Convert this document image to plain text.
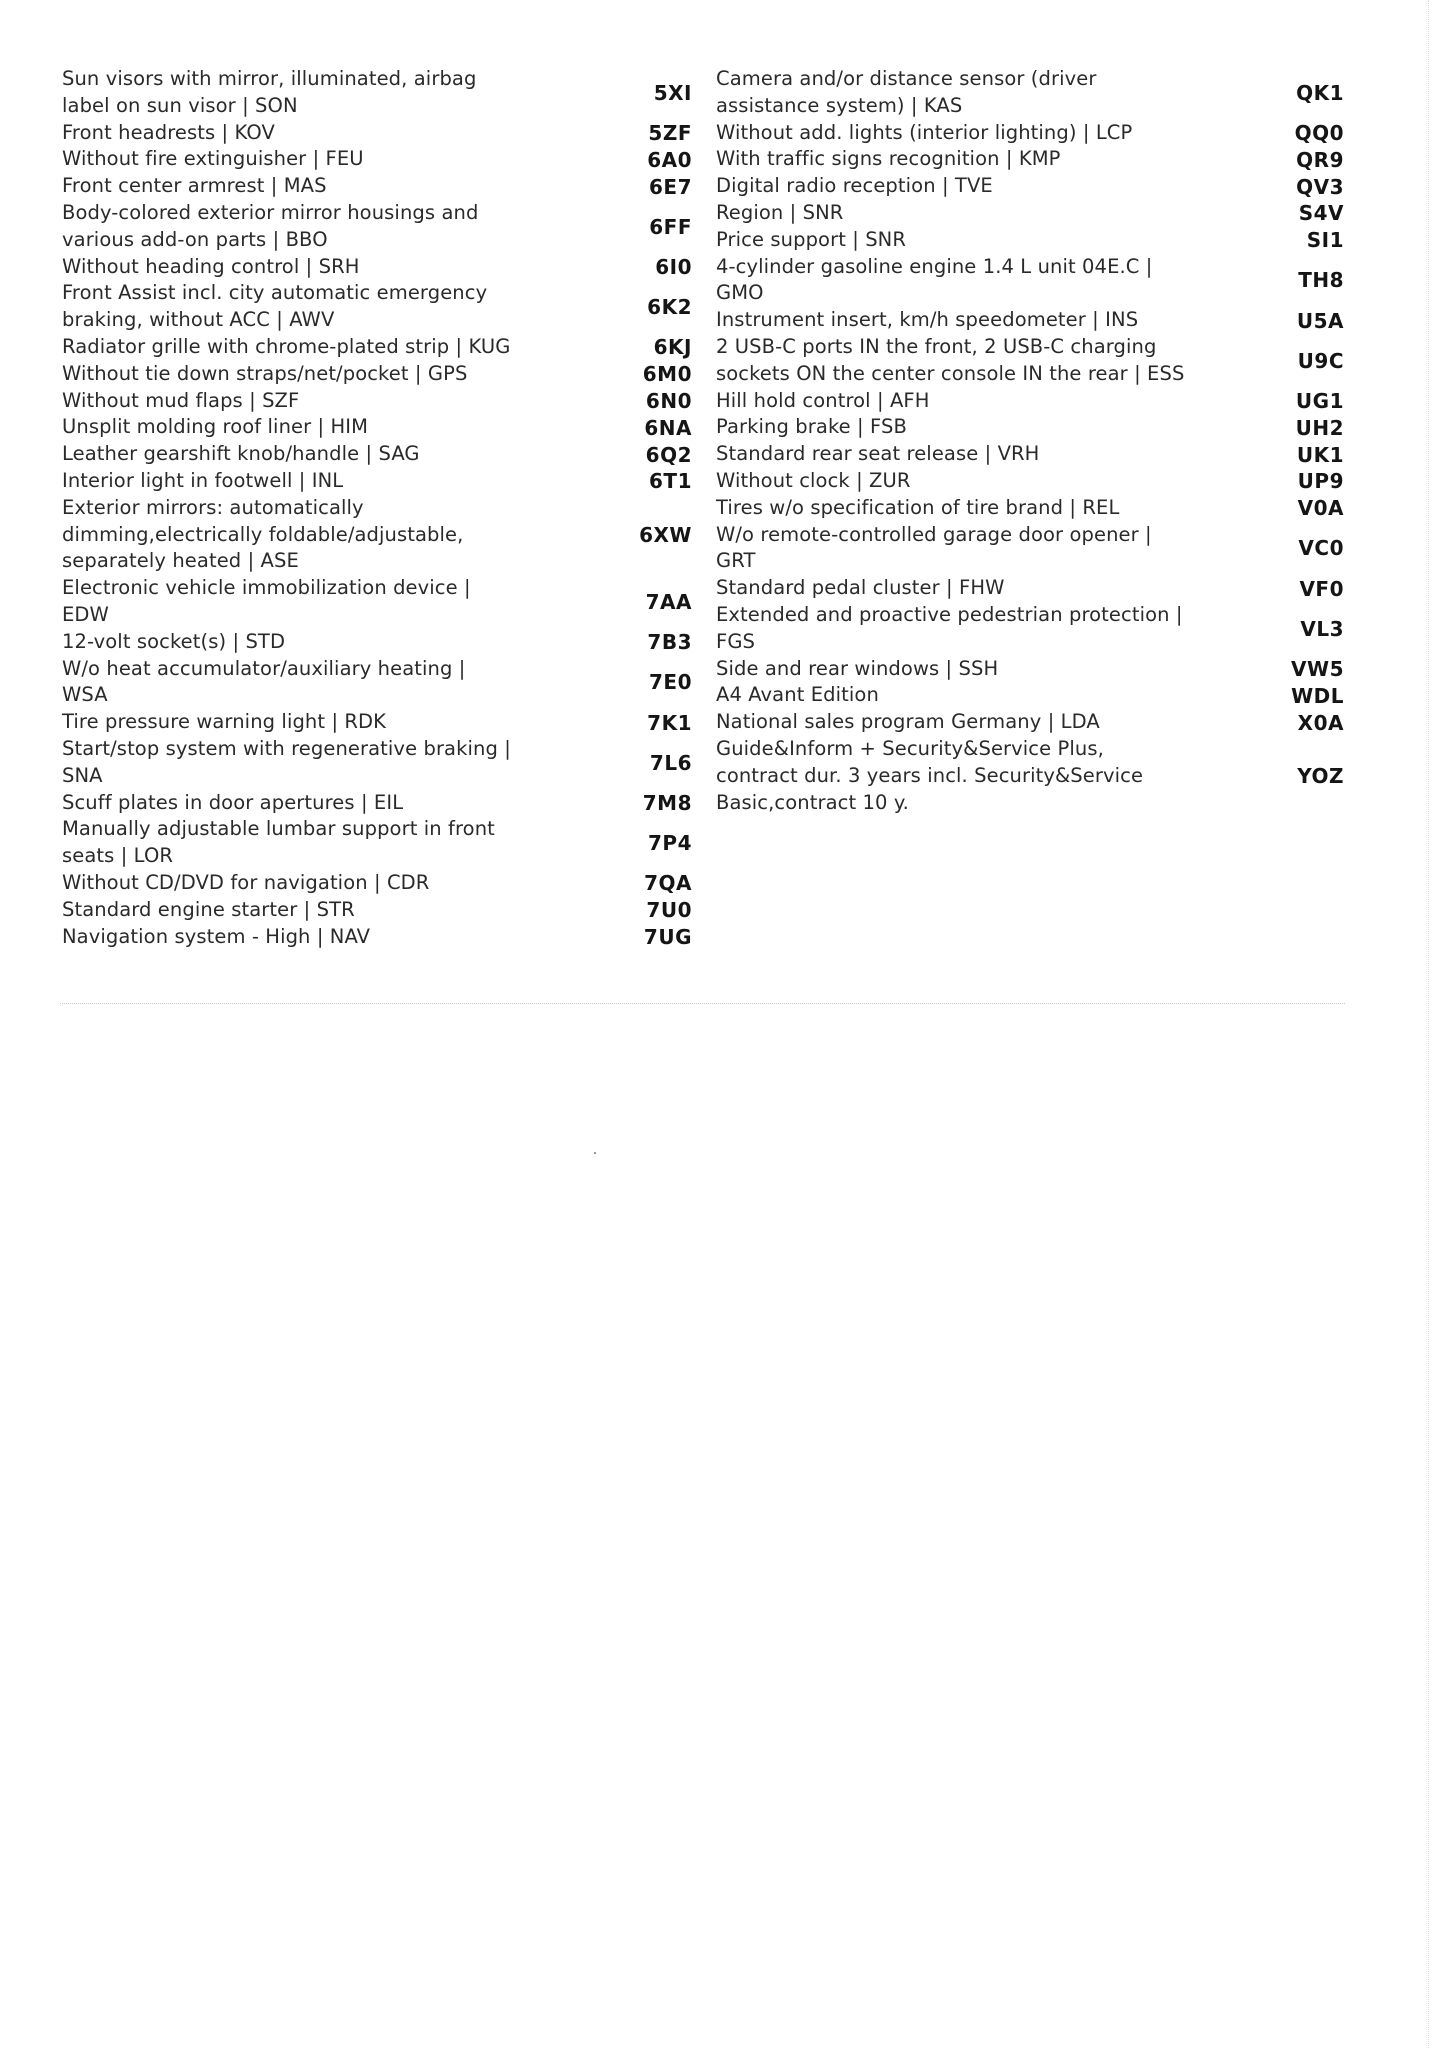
Sun visors with mirror, illuminated, airbag label on sun visor | SON
5XI
Front headrests | KOV	5ZF
Without fire extinguisher | FEU	6A0
Front center armrest | MAS	6E7
Body-colored exterior mirror housings and various add-on parts | BBO
6FF
Without heading control | SRH	6I0
Front Assist incl. city automatic emergency braking, without ACC | AWV
6K2
Radiator grille with chrome-plated strip | KUG	6KJ
Without tie down straps/net/pocket | GPS	6M0
Without mud flaps | SZF	6N0
Unsplit molding roof liner | HIM	6NA
Leather gearshift knob/handle | SAG	6Q2
Interior light in footwell | INL	6T1
Exterior mirrors: automatically dimming,electrically foldable/adjustable, separately heated | ASE
6XW
Electronic vehicle immobilization device | EDW
7AA
12-volt socket(s) | STD	7B3
W/o heat accumulator/auxiliary heating | WSA
7E0
Tire pressure warning light | RDK	7K1
Start/stop system with regenerative braking | SNA
7L6
Scuff plates in door apertures | EIL	7M8
Manually adjustable lumbar support in front seats | LOR
7P4
Without CD/DVD for navigation | CDR	7QA
Standard engine starter | STR	7U0
Navigation system - High | NAV	7UG
Camera and/or distance sensor (driver assistance system) | KAS
QK1
Without add. lights (interior lighting) | LCP	QQ0
With traffic signs recognition | KMP	QR9
Digital radio reception | TVE	QV3
Region | SNR	S4V
Price support | SNR	SI1
4-cylinder gasoline engine 1.4 L unit 04E.C | GMO
TH8
Instrument insert, km/h speedometer | INS	U5A
2 USB-C ports IN the front, 2 USB-C charging sockets ON the center console IN the rear | ESS
U9C
Hill hold control | AFH	UG1
Parking brake | FSB	UH2
Standard rear seat release | VRH	UK1
Without clock | ZUR	UP9
Tires w/o specification of tire brand | REL	V0A
W/o remote-controlled garage door opener | GRT
VC0
Standard pedal cluster | FHW	VF0
Extended and proactive pedestrian protection | FGS
VL3
Side and rear windows | SSH	VW5
A4 Avant Edition	WDL
National sales program Germany | LDA	X0A
Guide&Inform + Security&Service Plus, contract dur. 3 years incl. Security&Service Basic,contract 10 y.
YOZ
